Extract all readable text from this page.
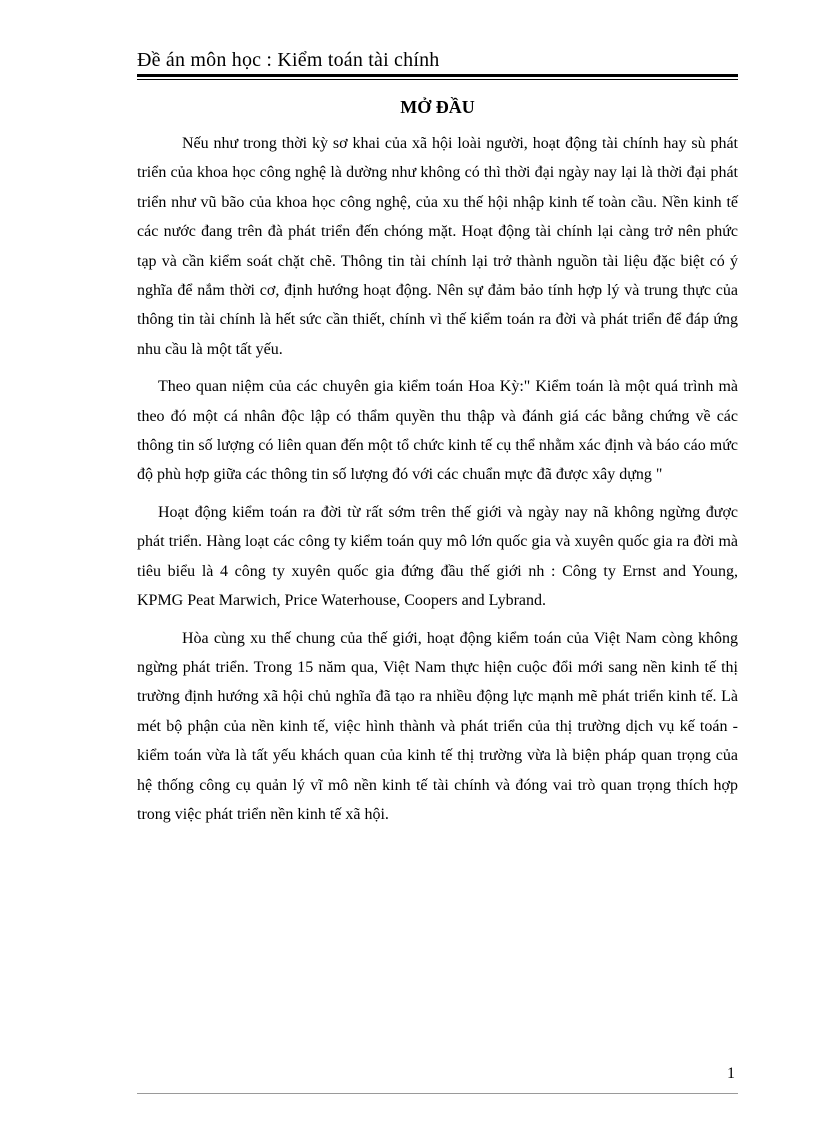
Đề án môn học : Kiểm toán tài chính
MỞ ĐẦU

Nếu như trong thời kỳ sơ khai của xã hội loài người, hoạt động tài chính hay sù phát triển của khoa học công nghệ là dường như không có thì thời đại ngày nay lại là thời đại phát triển như vũ bão của khoa học công nghệ, của xu thế hội nhập kinh tế toàn cầu. Nền kinh tế các nước đang trên đà phát triển đến chóng mặt. Hoạt động tài chính lại càng trở nên phức tạp và cần kiểm soát chặt chẽ. Thông tin tài chính lại trở thành nguồn tài liệu đặc biệt có ý nghĩa để nắm thời cơ, định hướng hoạt động. Nên sự đảm bảo tính hợp lý và trung thực của thông tin tài chính là hết sức cần thiết, chính vì thế kiểm toán ra đời và phát triển để đáp ứng nhu cầu là một tất yếu.

Theo quan niệm của các chuyên gia kiểm toán Hoa Kỳ:" Kiểm toán là một quá trình mà theo đó một cá nhân độc lập có thẩm quyền thu thập và đánh giá các bằng chứng về các thông tin số lượng có liên quan đến một tổ chức kinh tế cụ thể nhằm xác định và báo cáo mức độ phù hợp giữa các thông tin số lượng đó với các chuẩn mực đã được xây dựng "

Hoạt động kiểm toán ra đời từ rất sớm trên thế giới và ngày nay nã không ngừng được phát triển. Hàng loạt các công ty kiểm toán quy mô lớn quốc gia và xuyên quốc gia ra đời mà tiêu biểu là 4 công ty xuyên quốc gia đứng đầu thế giới nh : Công ty Ernst and Young, KPMG Peat Marwich, Price Waterhouse, Coopers and Lybrand.

Hòa cùng xu thế chung của thế giới, hoạt động kiểm toán của Việt Nam còng không ngừng phát triển. Trong 15 năm qua, Việt Nam thực hiện cuộc đổi mới sang nền kinh tế thị trường định hướng xã hội chủ nghĩa đã tạo ra nhiều động lực mạnh mẽ phát triển kinh tế. Là mét bộ phận của nền kinh tế, việc hình thành và phát triển của thị trường dịch vụ kế toán - kiểm toán vừa là tất yếu khách quan của kinh tế thị trường vừa là biện pháp quan trọng của hệ thống công cụ quản lý vĩ mô nền kinh tế tài chính và đóng vai trò quan trọng thích hợp trong việc phát triển nền kinh tế xã hội.

1
